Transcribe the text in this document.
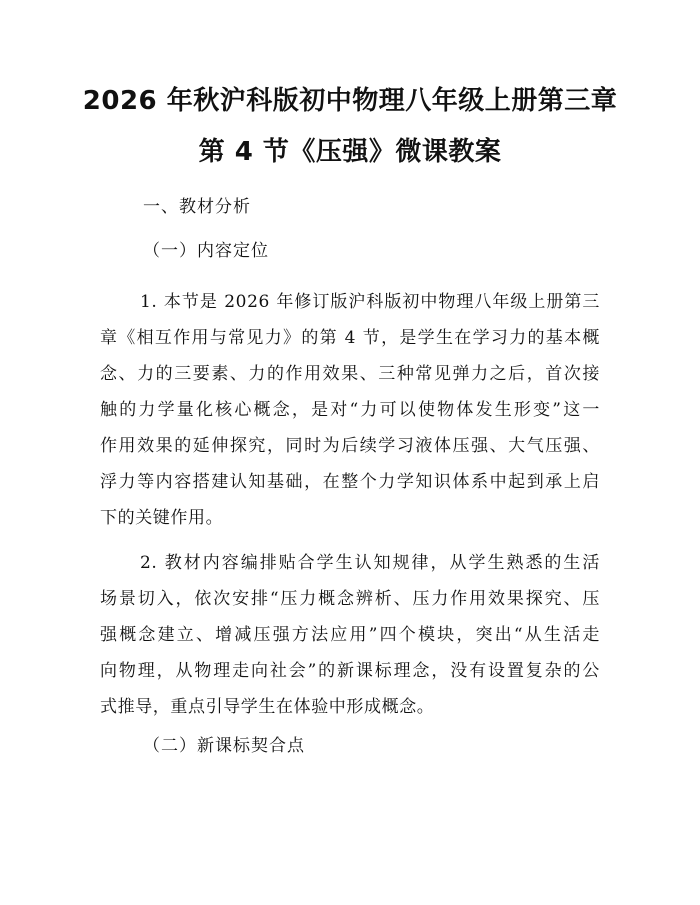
2026 年秋沪科版初中物理八年级上册第三章
第 4 节《压强》微课教案
一、教材分析
（一）内容定位
1. 本节是 2026 年修订版沪科版初中物理八年级上册第三
章《相互作用与常见力》的第 4 节，是学生在学习力的基本概
念、力的三要素、力的作用效果、三种常见弹力之后，首次接
触的力学量化核心概念，是对“力可以使物体发生形变”这一
作用效果的延伸探究，同时为后续学习液体压强、大气压强、
浮力等内容搭建认知基础，在整个力学知识体系中起到承上启
下的关键作用。
2. 教材内容编排贴合学生认知规律，从学生熟悉的生活
场景切入，依次安排“压力概念辨析、压力作用效果探究、压
强概念建立、增减压强方法应用”四个模块，突出“从生活走
向物理，从物理走向社会”的新课标理念，没有设置复杂的公
式推导，重点引导学生在体验中形成概念。
（二）新课标契合点
